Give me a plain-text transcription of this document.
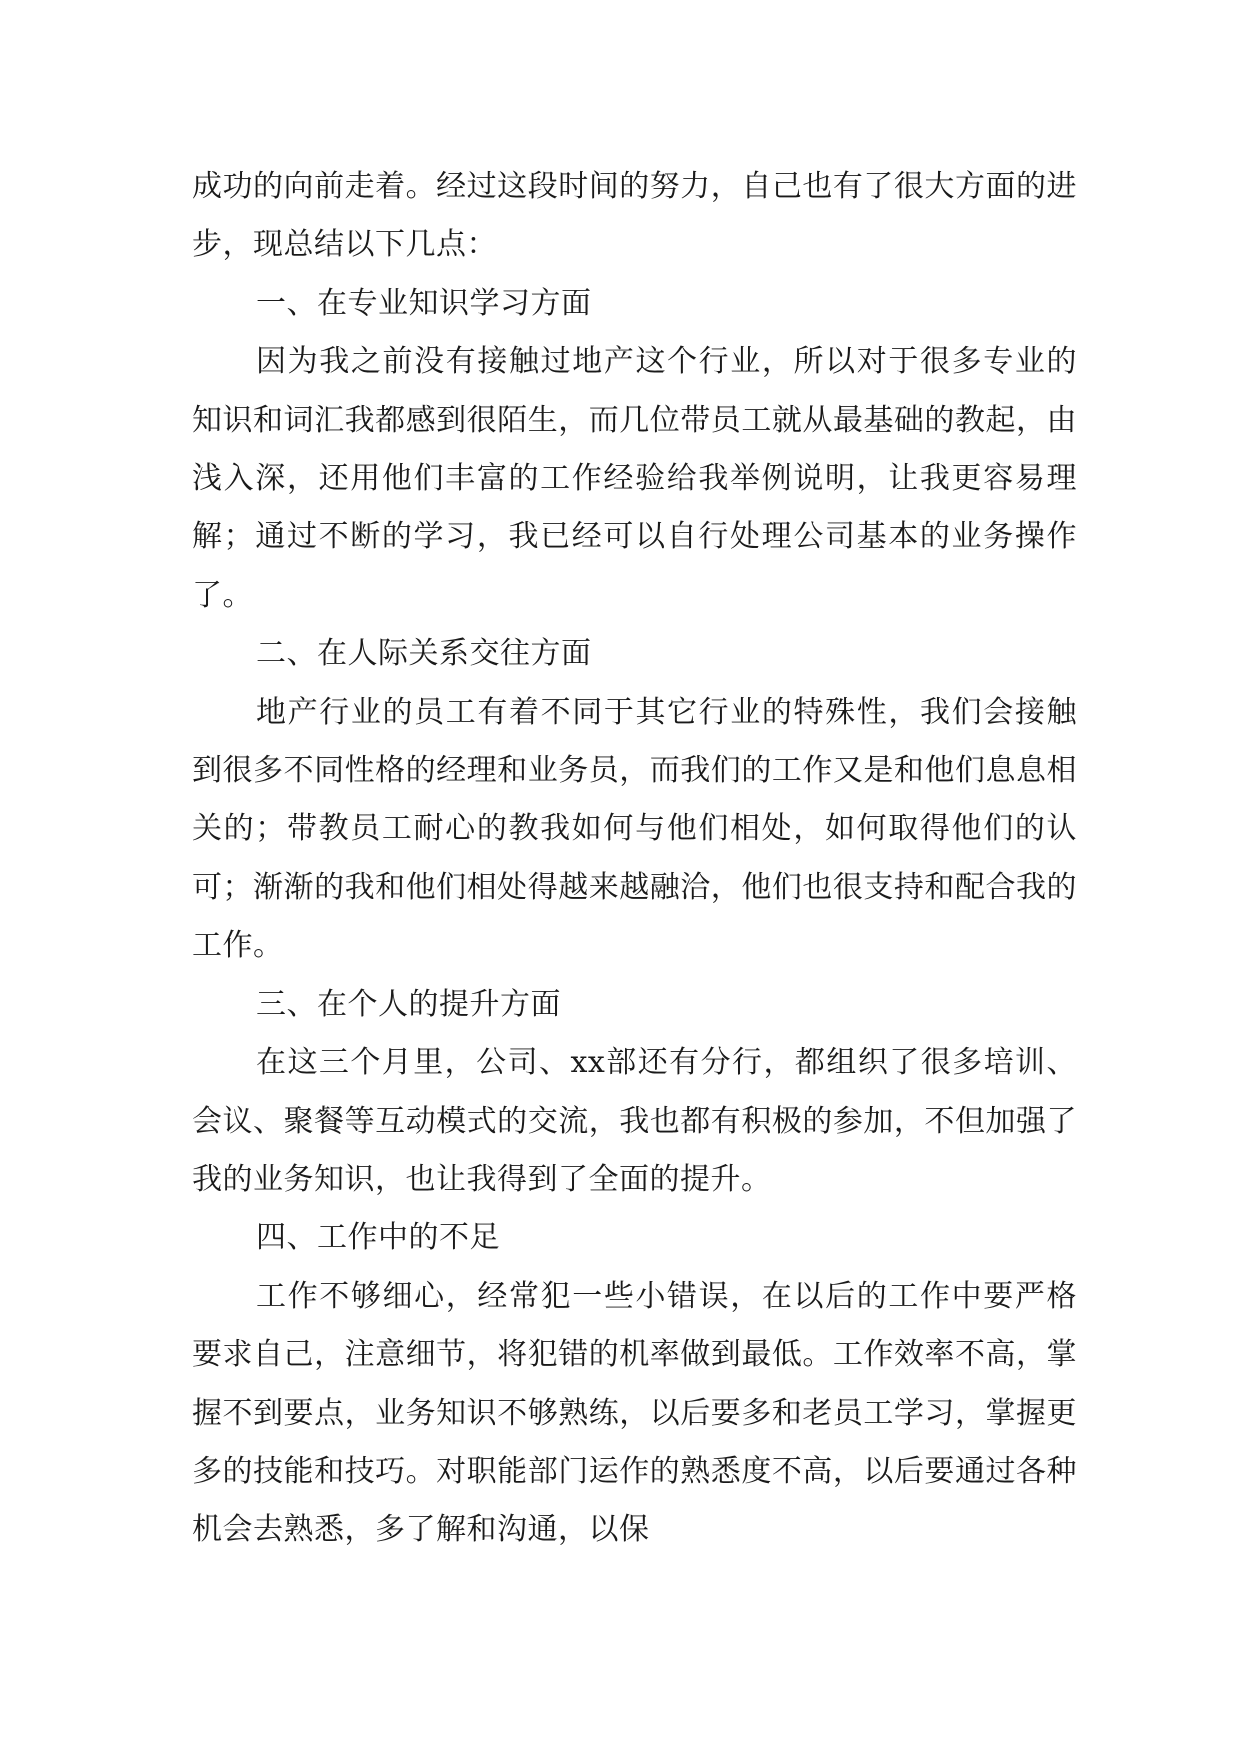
成功的向前走着。经过这段时间的努力，自己也有了很大方面的进步，现总结以下几点：

一、在专业知识学习方面

因为我之前没有接触过地产这个行业，所以对于很多专业的知识和词汇我都感到很陌生，而几位带员工就从最基础的教起，由浅入深，还用他们丰富的工作经验给我举例说明，让我更容易理解；通过不断的学习，我已经可以自行处理公司基本的业务操作了。

二、在人际关系交往方面

地产行业的员工有着不同于其它行业的特殊性，我们会接触到很多不同性格的经理和业务员，而我们的工作又是和他们息息相关的；带教员工耐心的教我如何与他们相处，如何取得他们的认可；渐渐的我和他们相处得越来越融洽，他们也很支持和配合我的工作。

三、在个人的提升方面

在这三个月里，公司、xx部还有分行，都组织了很多培训、会议、聚餐等互动模式的交流，我也都有积极的参加，不但加强了我的业务知识，也让我得到了全面的提升。

四、工作中的不足

工作不够细心，经常犯一些小错误，在以后的工作中要严格要求自己，注意细节，将犯错的机率做到最低。工作效率不高，掌握不到要点，业务知识不够熟练，以后要多和老员工学习，掌握更多的技能和技巧。对职能部门运作的熟悉度不高，以后要通过各种机会去熟悉，多了解和沟通，以保
